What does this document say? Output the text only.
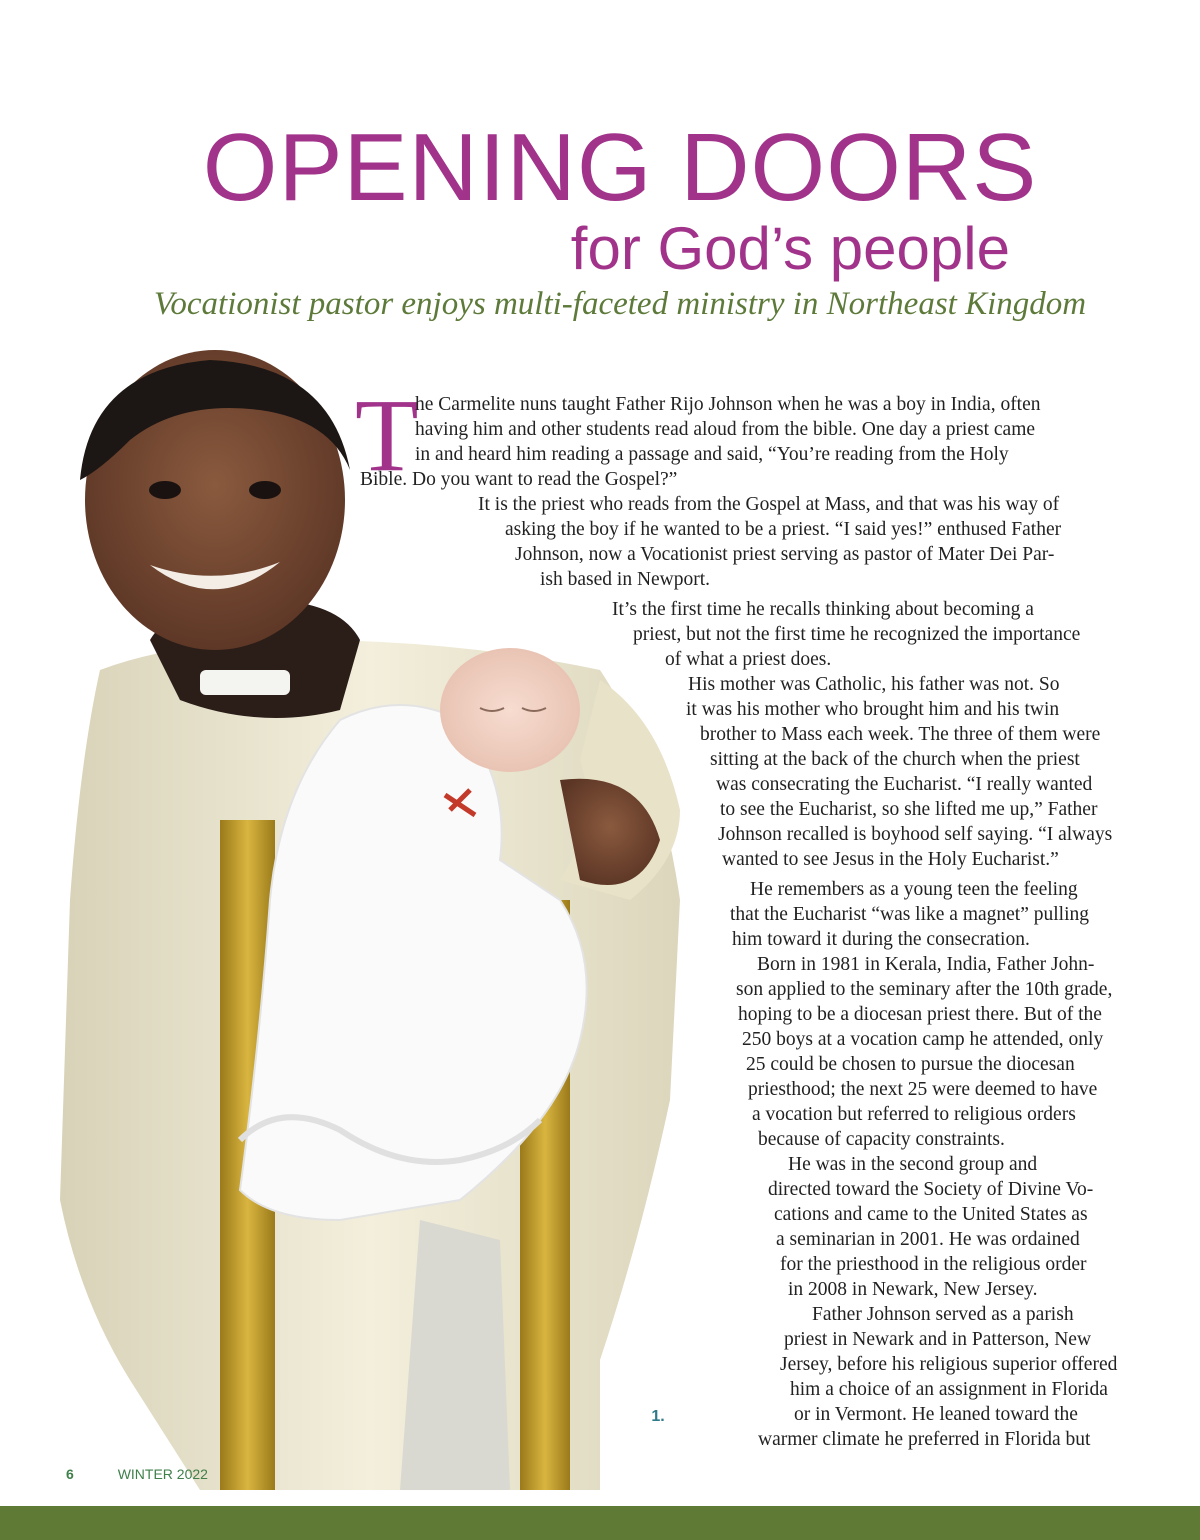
OPENING DOORS
for God’s people

Vocationist pastor enjoys multi-faceted ministry in Northeast Kingdom

1.
T
he Carmelite nuns taught Father Rijo Johnson when he was a boy in India, often
having him and other students read aloud from the bible. One day a priest came
in and heard him reading a passage and said, “You’re reading from the Holy
Bible. Do you want to read the Gospel?”
It is the priest who reads from the Gospel at Mass, and that was his way of
asking the boy if he wanted to be a priest. “I said yes!” enthused Father
Johnson, now a Vocationist priest serving as pastor of Mater Dei Par-
ish based in Newport.
It’s the first time he recalls thinking about becoming a
priest, but not the first time he recognized the importance
of what a priest does.
His mother was Catholic, his father was not. So
it was his mother who brought him and his twin
brother to Mass each week. The three of them were
sitting at the back of the church when the priest
was consecrating the Eucharist. “I really wanted
to see the Eucharist, so she lifted me up,” Father
Johnson recalled is boyhood self saying. “I always
wanted to see Jesus in the Holy Eucharist.”
He remembers as a young teen the feeling
that the Eucharist “was like a magnet” pulling
him toward it during the consecration.
Born in 1981 in Kerala, India, Father John-
son applied to the seminary after the 10th grade,
hoping to be a diocesan priest there. But of the
250 boys at a vocation camp he attended, only
25 could be chosen to pursue the diocesan
priesthood; the next 25 were deemed to have
a vocation but referred to religious orders
because of capacity constraints.
He was in the second group and
directed toward the Society of Divine Vo-
cations and came to the United States as
a seminarian in 2001. He was ordained
for the priesthood in the religious order
in 2008 in Newark, New Jersey.
Father Johnson served as a parish
priest in Newark and in Patterson, New
Jersey, before his religious superior offered
him a choice of an assignment in Florida
or in Vermont. He leaned toward the
warmer climate he preferred in Florida but
6	WINTER 2022
